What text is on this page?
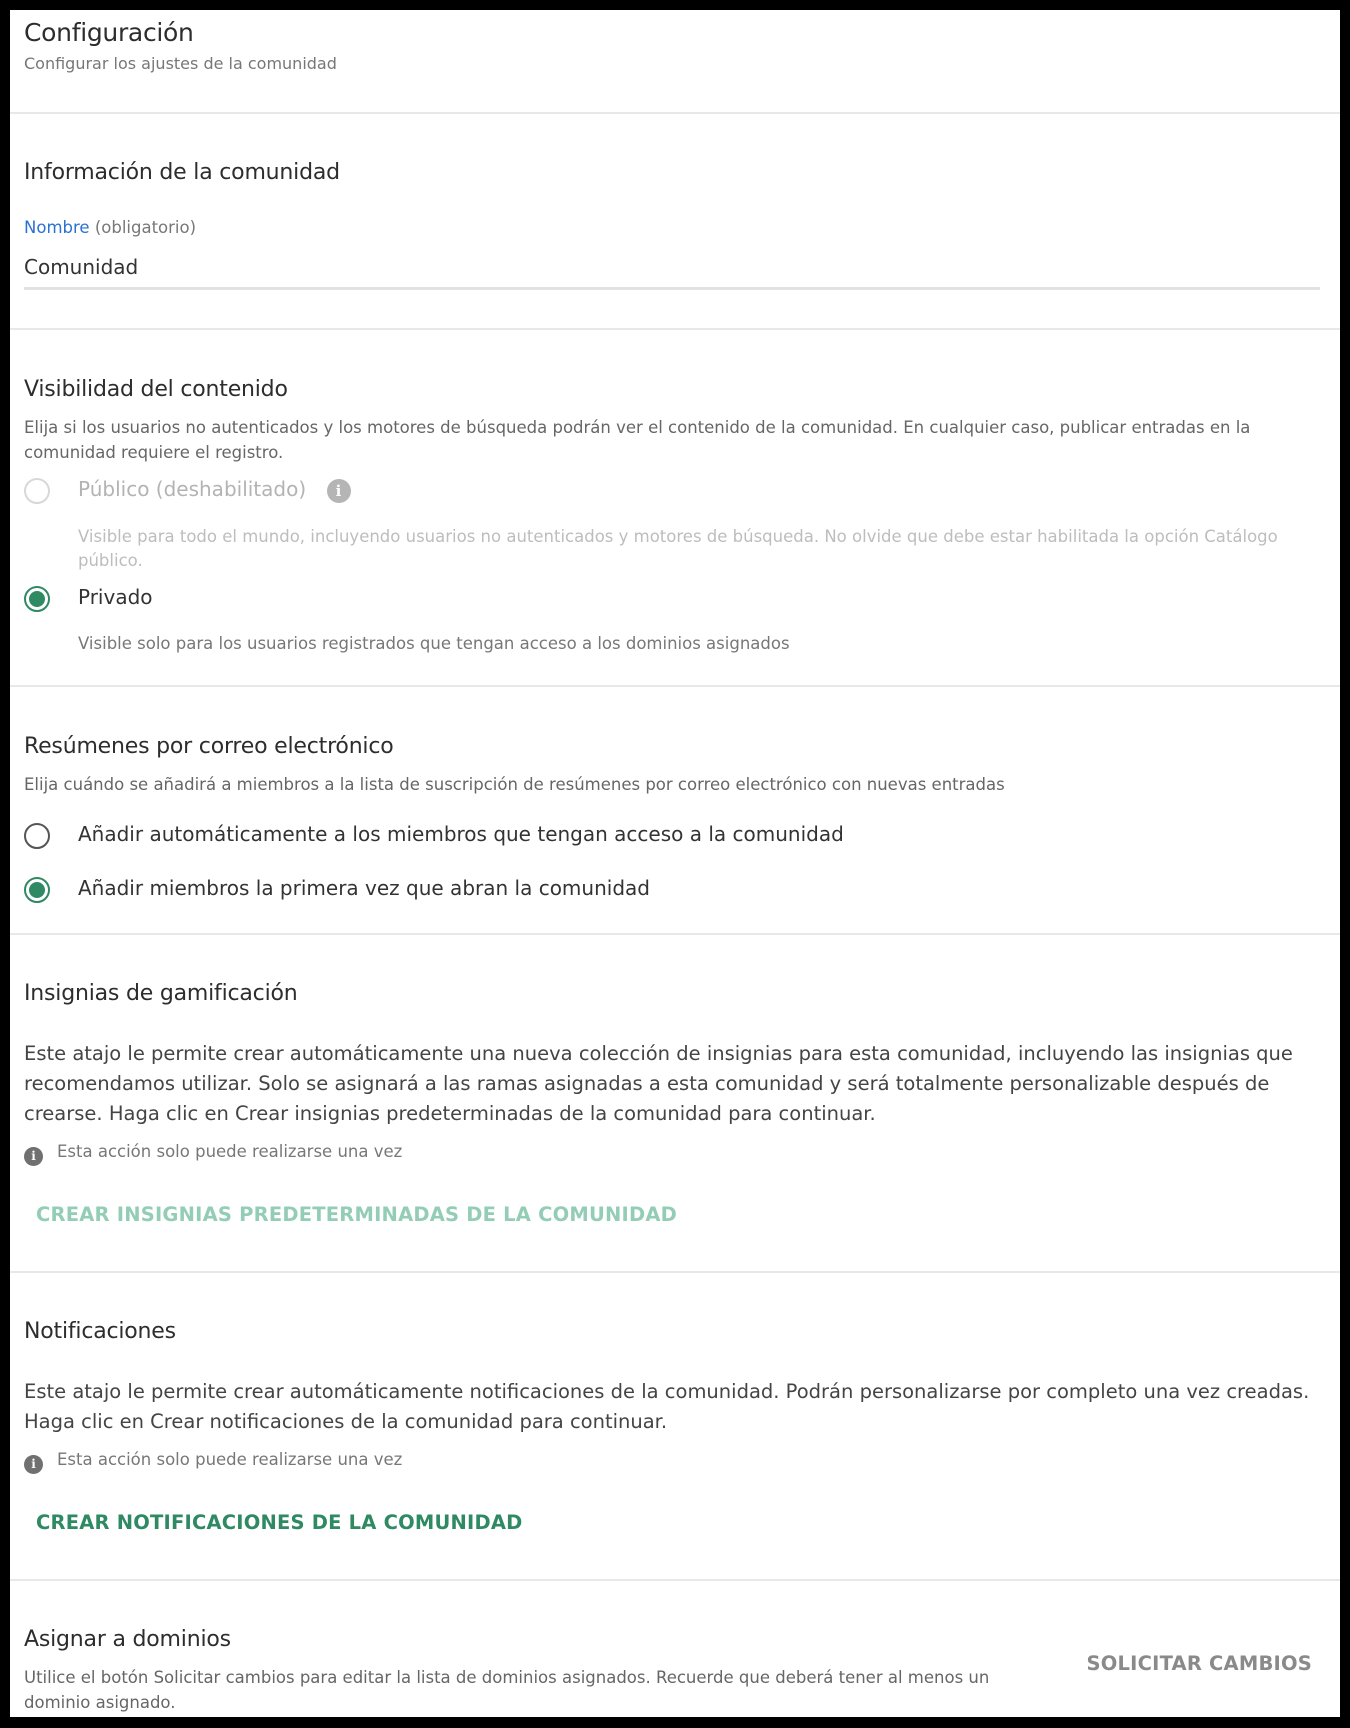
Configuración
Configurar los ajustes de la comunidad
Información de la comunidad
Nombre (obligatorio)
Comunidad
Visibilidad del contenido
Elija si los usuarios no autenticados y los motores de búsqueda podrán ver el contenido de la comunidad. En cualquier caso, publicar entradas en la comunidad requiere el registro.
Público (deshabilitado) i
Visible para todo el mundo, incluyendo usuarios no autenticados y motores de búsqueda. No olvide que debe estar habilitada la opción Catálogo público.
Privado
Visible solo para los usuarios registrados que tengan acceso a los dominios asignados
Resúmenes por correo electrónico
Elija cuándo se añadirá a miembros a la lista de suscripción de resúmenes por correo electrónico con nuevas entradas
Añadir automáticamente a los miembros que tengan acceso a la comunidad
Añadir miembros la primera vez que abran la comunidad
Insignias de gamificación
Este atajo le permite crear automáticamente una nueva colección de insignias para esta comunidad, incluyendo las insignias que recomendamos utilizar. Solo se asignará a las ramas asignadas a esta comunidad y será totalmente personalizable después de crearse. Haga clic en Crear insignias predeterminadas de la comunidad para continuar.
i Esta acción solo puede realizarse una vez
CREAR INSIGNIAS PREDETERMINADAS DE LA COMUNIDAD
Notificaciones
Este atajo le permite crear automáticamente notificaciones de la comunidad. Podrán personalizarse por completo una vez creadas. Haga clic en Crear notificaciones de la comunidad para continuar.
i Esta acción solo puede realizarse una vez
CREAR NOTIFICACIONES DE LA COMUNIDAD
Asignar a dominios
Utilice el botón Solicitar cambios para editar la lista de dominios asignados. Recuerde que deberá tener al menos un dominio asignado.
SOLICITAR CAMBIOS
